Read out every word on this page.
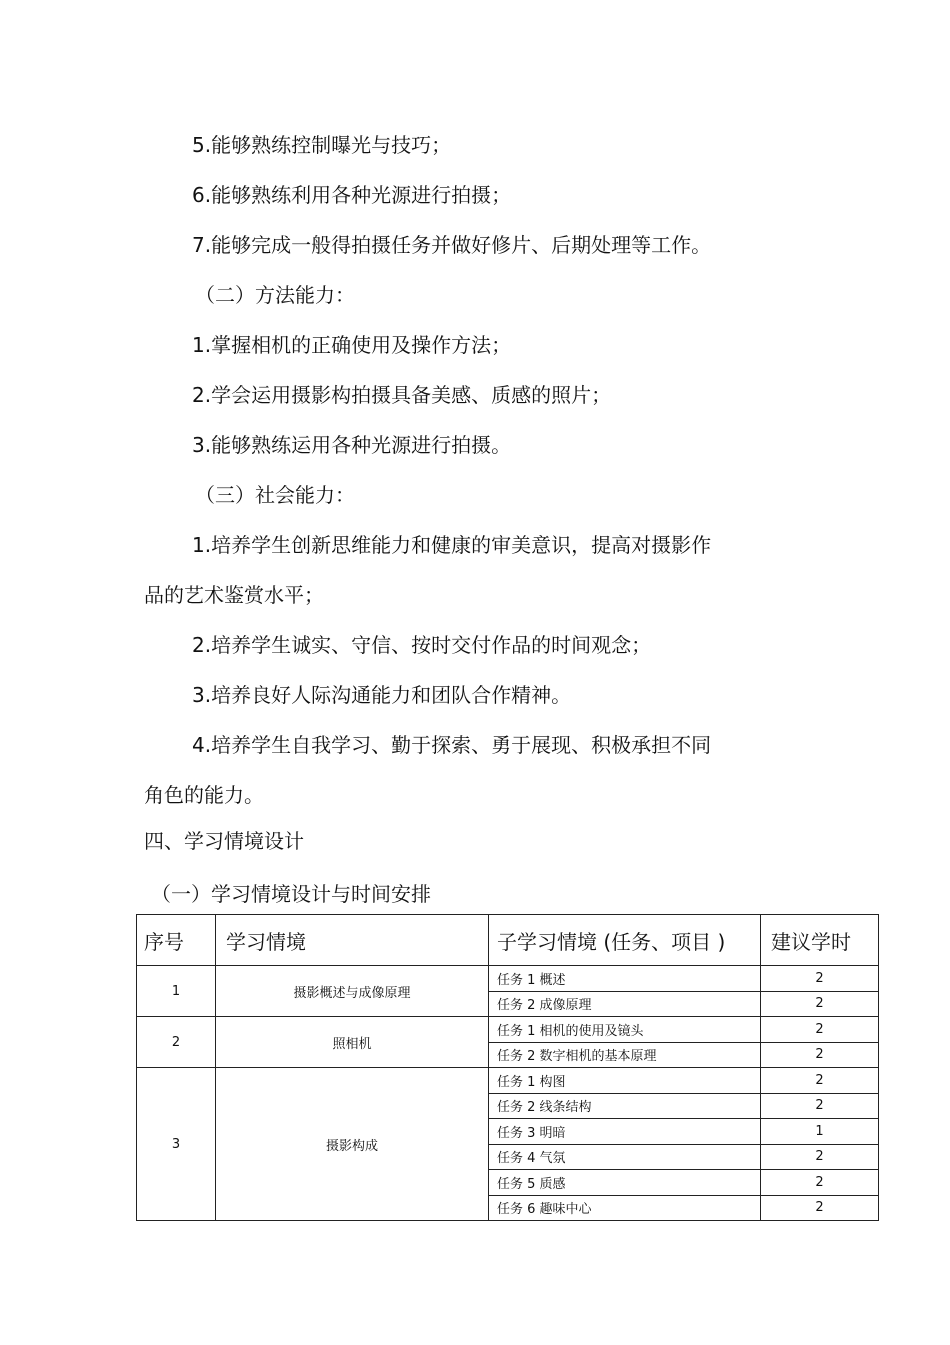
5.能够熟练控制曝光与技巧；
6.能够熟练利用各种光源进行拍摄；
7.能够完成一般得拍摄任务并做好修片、后期处理等工作。
（二）方法能力：
1.掌握相机的正确使用及操作方法；
2.学会运用摄影构拍摄具备美感、质感的照片；
3.能够熟练运用各种光源进行拍摄。
（三）社会能力：
1.培养学生创新思维能力和健康的审美意识，提高对摄影作
品的艺术鉴赏水平；
2.培养学生诚实、守信、按时交付作品的时间观念；
3.培养良好人际沟通能力和团队合作精神。
4.培养学生自我学习、勤于探索、勇于展现、积极承担不同
角色的能力。
四、学习情境设计
（一）学习情境设计与时间安排
序号	学习情境	子学习情境 (任务、项目 )	建议学时
1	摄影概述与成像原理	任务 1 概述	2
		任务 2 成像原理	2
2	照相机	任务 1 相机的使用及镜头	2
		任务 2 数字相机的基本原理	2
3	摄影构成	任务 1 构图	2
		任务 2 线条结构	2
		任务 3 明暗	1
		任务 4 气氛	2
		任务 5 质感	2
		任务 6 趣味中心	2
